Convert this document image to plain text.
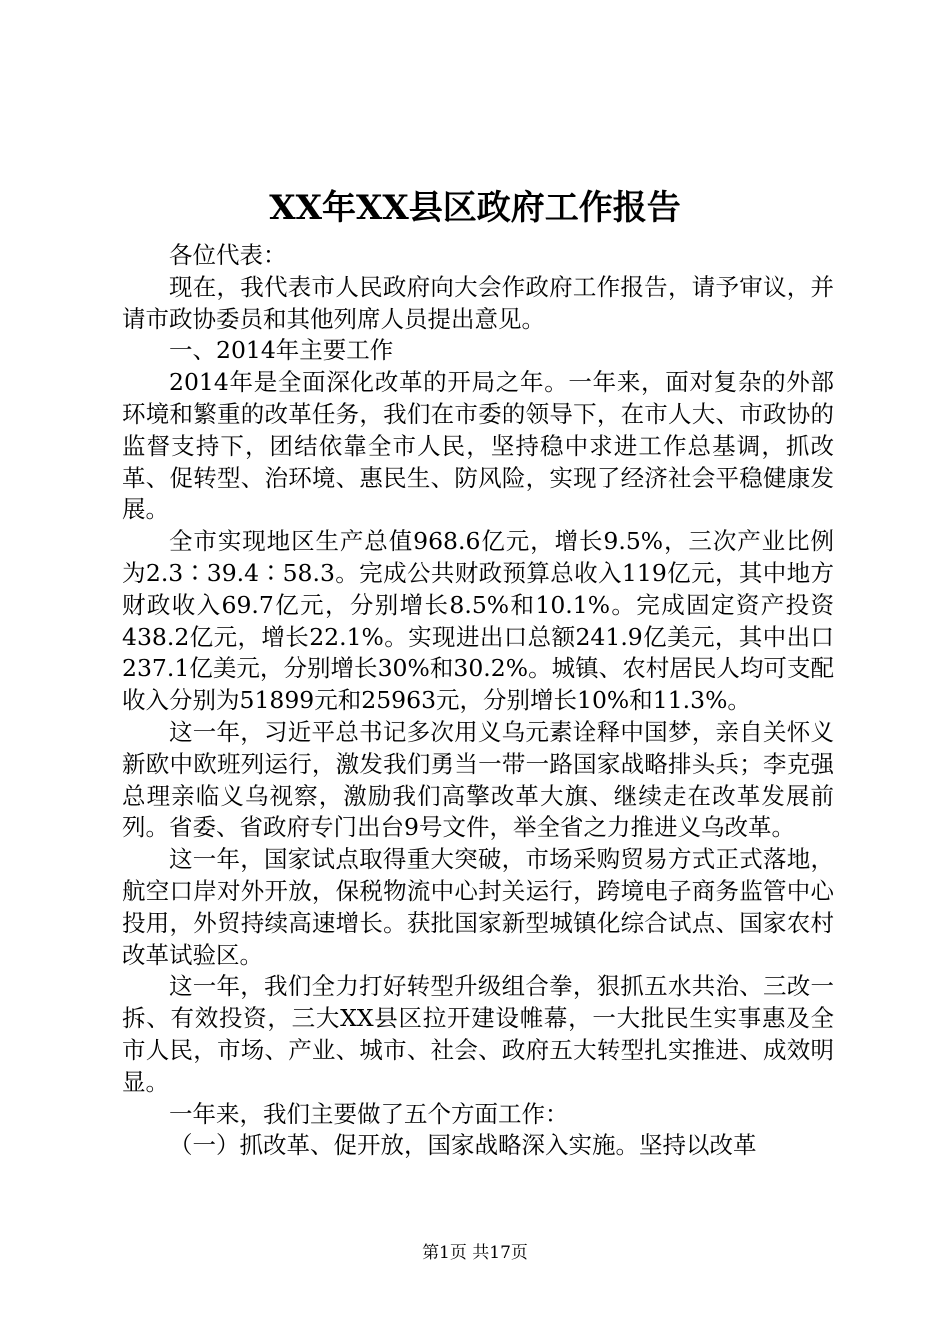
XX年XX县区政府工作报告

各位代表：

现在，我代表市人民政府向大会作政府工作报告，请予审议，并请市政协委员和其他列席人员提出意见。

一、2014年主要工作

2014年是全面深化改革的开局之年。一年来，面对复杂的外部环境和繁重的改革任务，我们在市委的领导下，在市人大、市政协的监督支持下，团结依靠全市人民，坚持稳中求进工作总基调，抓改革、促转型、治环境、惠民生、防风险，实现了经济社会平稳健康发展。

全市实现地区生产总值968.6亿元，增长9.5%，三次产业比例为2.3∶39.4∶58.3。完成公共财政预算总收入119亿元，其中地方财政收入69.7亿元，分别增长8.5%和10.1%。完成固定资产投资438.2亿元，增长22.1%。实现进出口总额241.9亿美元，其中出口237.1亿美元，分别增长30%和30.2%。城镇、农村居民人均可支配收入分别为51899元和25963元，分别增长10%和11.3%。

这一年，习近平总书记多次用义乌元素诠释中国梦，亲自关怀义新欧中欧班列运行，激发我们勇当一带一路国家战略排头兵；李克强总理亲临义乌视察，激励我们高擎改革大旗、继续走在改革发展前列。省委、省政府专门出台9号文件，举全省之力推进义乌改革。

这一年，国家试点取得重大突破，市场采购贸易方式正式落地，航空口岸对外开放，保税物流中心封关运行，跨境电子商务监管中心投用，外贸持续高速增长。获批国家新型城镇化综合试点、国家农村改革试验区。

这一年，我们全力打好转型升级组合拳，狠抓五水共治、三改一拆、有效投资，三大XX县区拉开建设帷幕，一大批民生实事惠及全市人民，市场、产业、城市、社会、政府五大转型扎实推进、成效明显。

一年来，我们主要做了五个方面工作：

（一）抓改革、促开放，国家战略深入实施。坚持以改革

第1页 共17页
